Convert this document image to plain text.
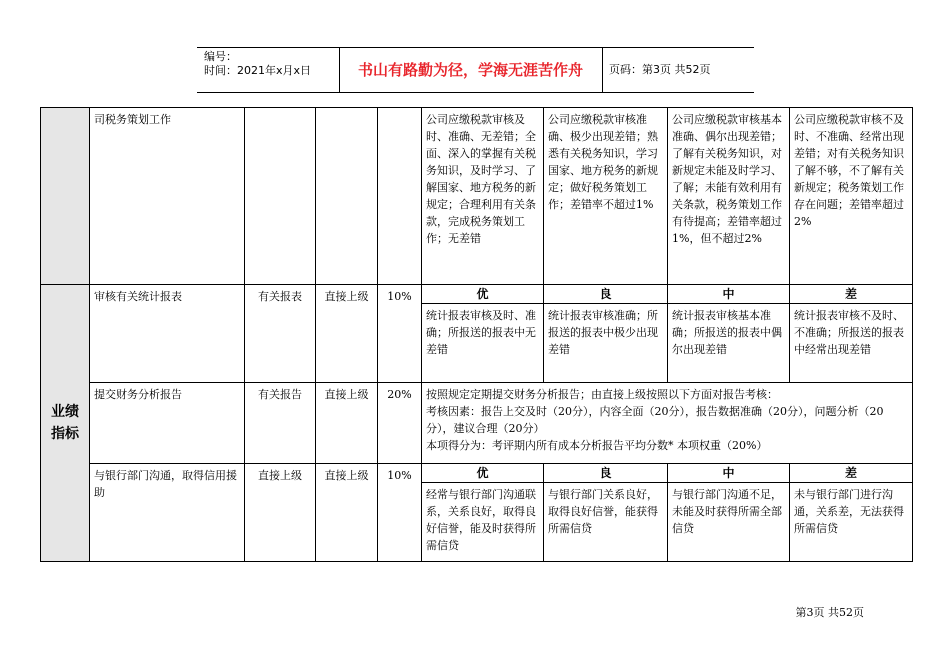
编号：
时间：2021年x月x日	书山有路勤为径，学海无涯苦作舟	页码：第3页 共52页
	司税务策划工作				公司应缴税款审核及时、准确、无差错；全面、深入的掌握有关税务知识，及时学习、了解国家、地方税务的新规定；合理利用有关条款，完成税务策划工作；无差错	公司应缴税款审核准确、极少出现差错；熟悉有关税务知识，学习国家、地方税务的新规定；做好税务策划工作；差错率不超过1%	公司应缴税款审核基本准确、偶尔出现差错；了解有关税务知识，对新规定未能及时学习、了解；未能有效利用有关条款，税务策划工作有待提高；差错率超过1%，但不超过2%	公司应缴税款审核不及时、不准确、经常出现差错；对有关税务知识了解不够，不了解有关新规定；税务策划工作存在问题；差错率超过2%
业绩指标	审核有关统计报表	有关报表	直接上级	10%	优	良	中	差
					统计报表审核及时、准确；所报送的报表中无差错	统计报表审核准确；所报送的报表中极少出现差错	统计报表审核基本准确；所报送的报表中偶尔出现差错	统计报表审核不及时、不准确；所报送的报表中经常出现差错
	提交财务分析报告	有关报告	直接上级	20%	按照规定定期提交财务分析报告；由直接上级按照以下方面对报告考核：
考核因素：报告上交及时（20分），内容全面（20分），报告数据准确（20分），问题分析（20分），建议合理（20分）
本项得分为：考评期内所有成本分析报告平均分数* 本项权重（20%）			

	与银行部门沟通，取得信用援助	直接上级	直接上级	10%	优	良	中	差
					经常与银行部门沟通联系，关系良好，取得良好信誉，能及时获得所需信贷	与银行部门关系良好，取得良好信誉，能获得所需信贷	与银行部门沟通不足，未能及时获得所需全部信贷	未与银行部门进行沟通，关系差，无法获得所需信贷
第3页 共52页
